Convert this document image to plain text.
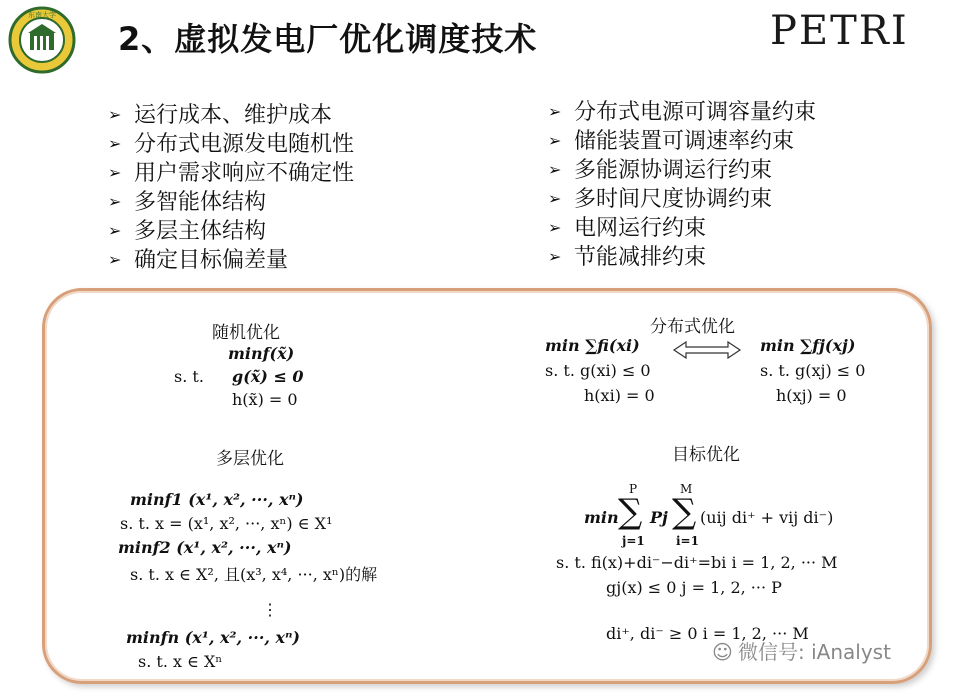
东南大学
2、虚拟发电厂优化调度技术	PETRI
➢ 运行成本、维护成本
➢ 分布式电源发电随机性
➢ 用户需求响应不确定性
➢ 多智能体结构
➢ 多层主体结构
➢ 确定目标偏差量
➢ 分布式电源可调容量约束
➢ 储能装置可调速率约束
➢ 多能源协调运行约束
➢ 多时间尺度协调约束
➢ 电网运行约束
➢ 节能减排约束
随机优化
minf(x̃)
s. t. g(x̃) ≤ 0
h(x̃) = 0
分布式优化
min ∑fi(xi)
s. t. g(xi) ≤ 0
h(xi) = 0
min ∑fj(xj)
s. t. g(xj) ≤ 0
h(xj) = 0
多层优化
minf1 (x¹, x², ···, xⁿ)
s. t. x = (x¹, x², ···, xⁿ) ∈ X¹
minf2 (x¹, x², ···, xⁿ)
s. t. x ∈ X², 且(x³, x⁴, ···, xⁿ)的解
⋮
minfn (x¹, x², ···, xⁿ)
s. t. x ∈ Xⁿ
目标优化
min
P
∑
j=1
Pj
M
∑
i=1
(uij di⁺ + vij di⁻)
s. t. fi(x)+di⁻−di⁺=bi i = 1, 2, ··· M
gj(x) ≤ 0 j = 1, 2, ··· P
di⁺, di⁻ ≥ 0 i = 1, 2, ··· M
☺ 微信号: iAnalyst
